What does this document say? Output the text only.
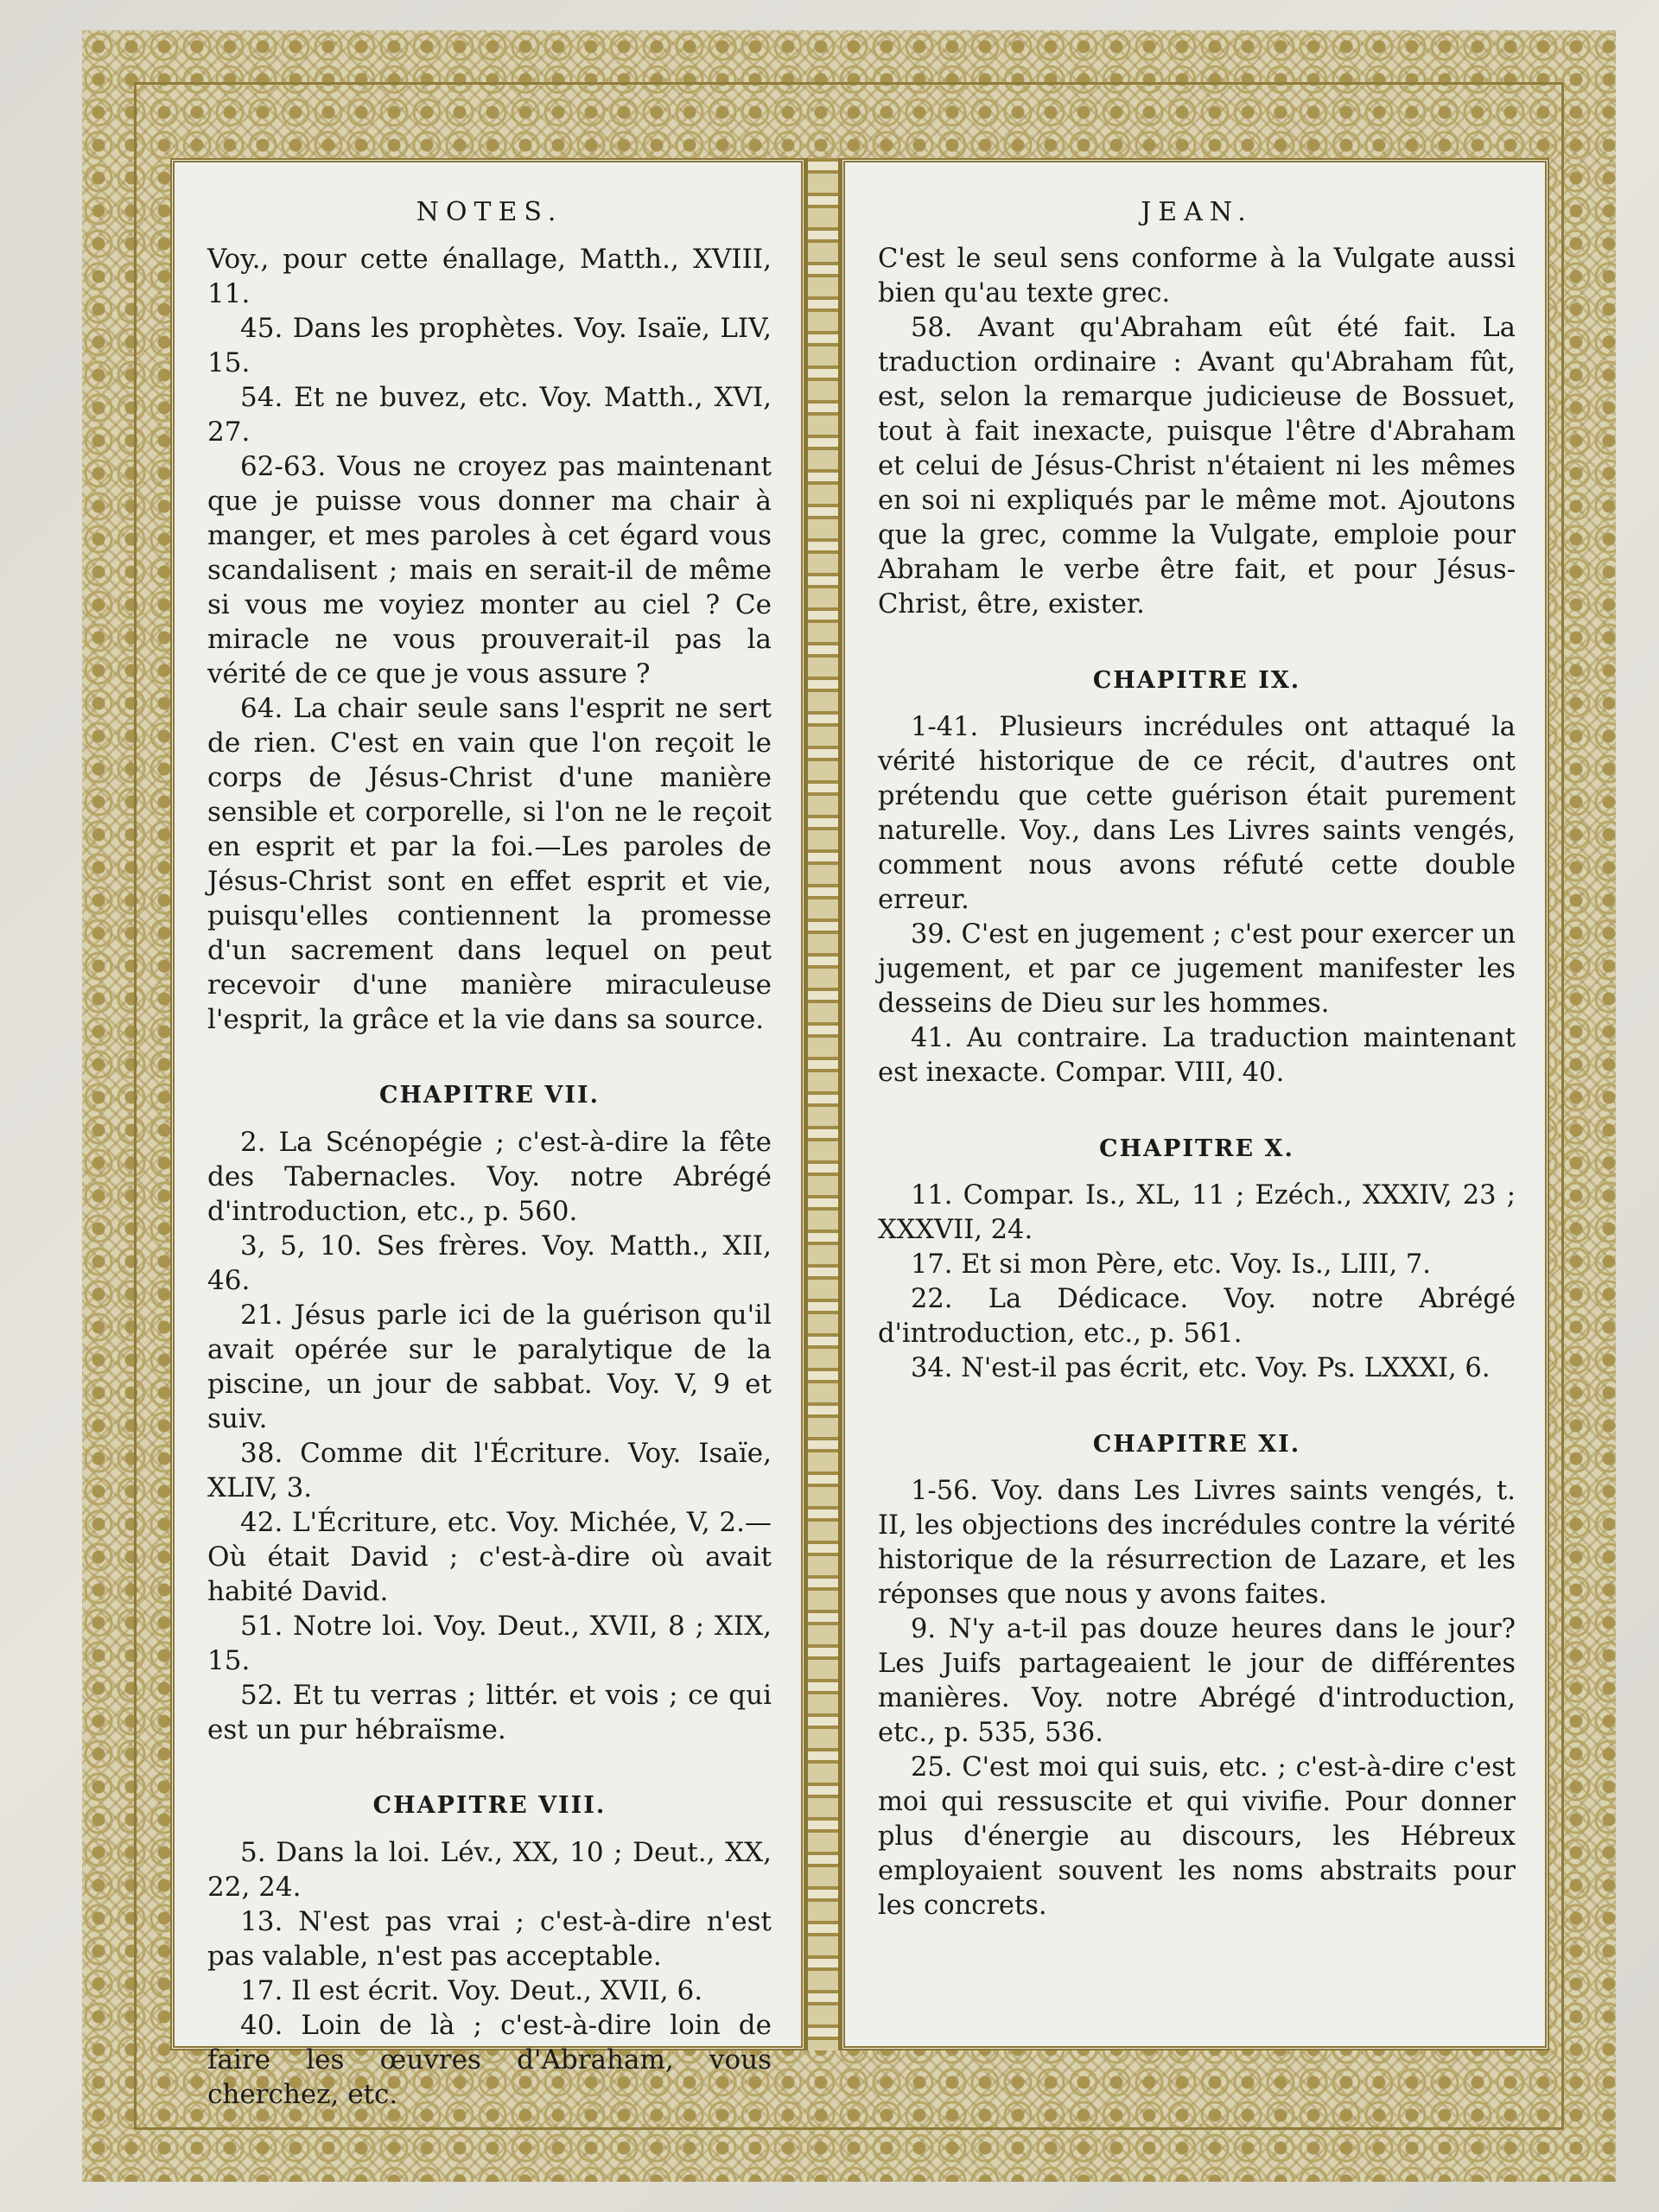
NOTES.

Voy., pour cette énallage, Matth., XVIII, 11.

45. Dans les prophètes. Voy. Isaïe, LIV, 15.

54. Et ne buvez, etc. Voy. Matth., XVI, 27.

62-63. Vous ne croyez pas maintenant que je puisse vous donner ma chair à manger, et mes paroles à cet égard vous scandalisent ; mais en serait-il de même si vous me voyiez monter au ciel ? Ce miracle ne vous prouverait-il pas la vérité de ce que je vous assure ?

64. La chair seule sans l'esprit ne sert de rien. C'est en vain que l'on reçoit le corps de Jésus-Christ d'une manière sensible et corporelle, si l'on ne le reçoit en esprit et par la foi.—Les paroles de Jésus-Christ sont en effet esprit et vie, puisqu'elles contiennent la promesse d'un sacrement dans lequel on peut recevoir d'une manière miraculeuse l'esprit, la grâce et la vie dans sa source.

CHAPITRE VII.

2. La Scénopégie ; c'est-à-dire la fête des Tabernacles. Voy. notre Abrégé d'introduction, etc., p. 560.

3, 5, 10. Ses frères. Voy. Matth., XII, 46.

21. Jésus parle ici de la guérison qu'il avait opérée sur le paralytique de la piscine, un jour de sabbat. Voy. V, 9 et suiv.

38. Comme dit l'Écriture. Voy. Isaïe, XLIV, 3.

42. L'Écriture, etc. Voy. Michée, V, 2.—Où était David ; c'est-à-dire où avait habité David.

51. Notre loi. Voy. Deut., XVII, 8 ; XIX, 15.

52. Et tu verras ; littér. et vois ; ce qui est un pur hébraïsme.

CHAPITRE VIII.

5. Dans la loi. Lév., XX, 10 ; Deut., XX, 22, 24.

13. N'est pas vrai ; c'est-à-dire n'est pas valable, n'est pas acceptable.

17. Il est écrit. Voy. Deut., XVII, 6.

40. Loin de là ; c'est-à-dire loin de faire les œuvres d'Abraham, vous cherchez, etc.

JEAN.

C'est le seul sens conforme à la Vulgate aussi bien qu'au texte grec.

58. Avant qu'Abraham eût été fait. La traduction ordinaire : Avant qu'Abraham fût, est, selon la remarque judicieuse de Bossuet, tout à fait inexacte, puisque l'être d'Abraham et celui de Jésus-Christ n'étaient ni les mêmes en soi ni expliqués par le même mot. Ajoutons que la grec, comme la Vulgate, emploie pour Abraham le verbe être fait, et pour Jésus-Christ, être, exister.

CHAPITRE IX.

1-41. Plusieurs incrédules ont attaqué la vérité historique de ce récit, d'autres ont prétendu que cette guérison était purement naturelle. Voy., dans Les Livres saints vengés, comment nous avons réfuté cette double erreur.

39. C'est en jugement ; c'est pour exercer un jugement, et par ce jugement manifester les desseins de Dieu sur les hommes.

41. Au contraire. La traduction maintenant est inexacte. Compar. VIII, 40.

CHAPITRE X.

11. Compar. Is., XL, 11 ; Ezéch., XXXIV, 23 ; XXXVII, 24.

17. Et si mon Père, etc. Voy. Is., LIII, 7.

22. La Dédicace. Voy. notre Abrégé d'introduction, etc., p. 561.

34. N'est-il pas écrit, etc. Voy. Ps. LXXXI, 6.

CHAPITRE XI.

1-56. Voy. dans Les Livres saints vengés, t. II, les objections des incrédules contre la vérité historique de la résurrection de Lazare, et les réponses que nous y avons faites.

9. N'y a-t-il pas douze heures dans le jour? Les Juifs partageaient le jour de différentes manières. Voy. notre Abrégé d'introduction, etc., p. 535, 536.

25. C'est moi qui suis, etc. ; c'est-à-dire c'est moi qui ressuscite et qui vivifie. Pour donner plus d'énergie au discours, les Hébreux employaient souvent les noms abstraits pour les concrets.
